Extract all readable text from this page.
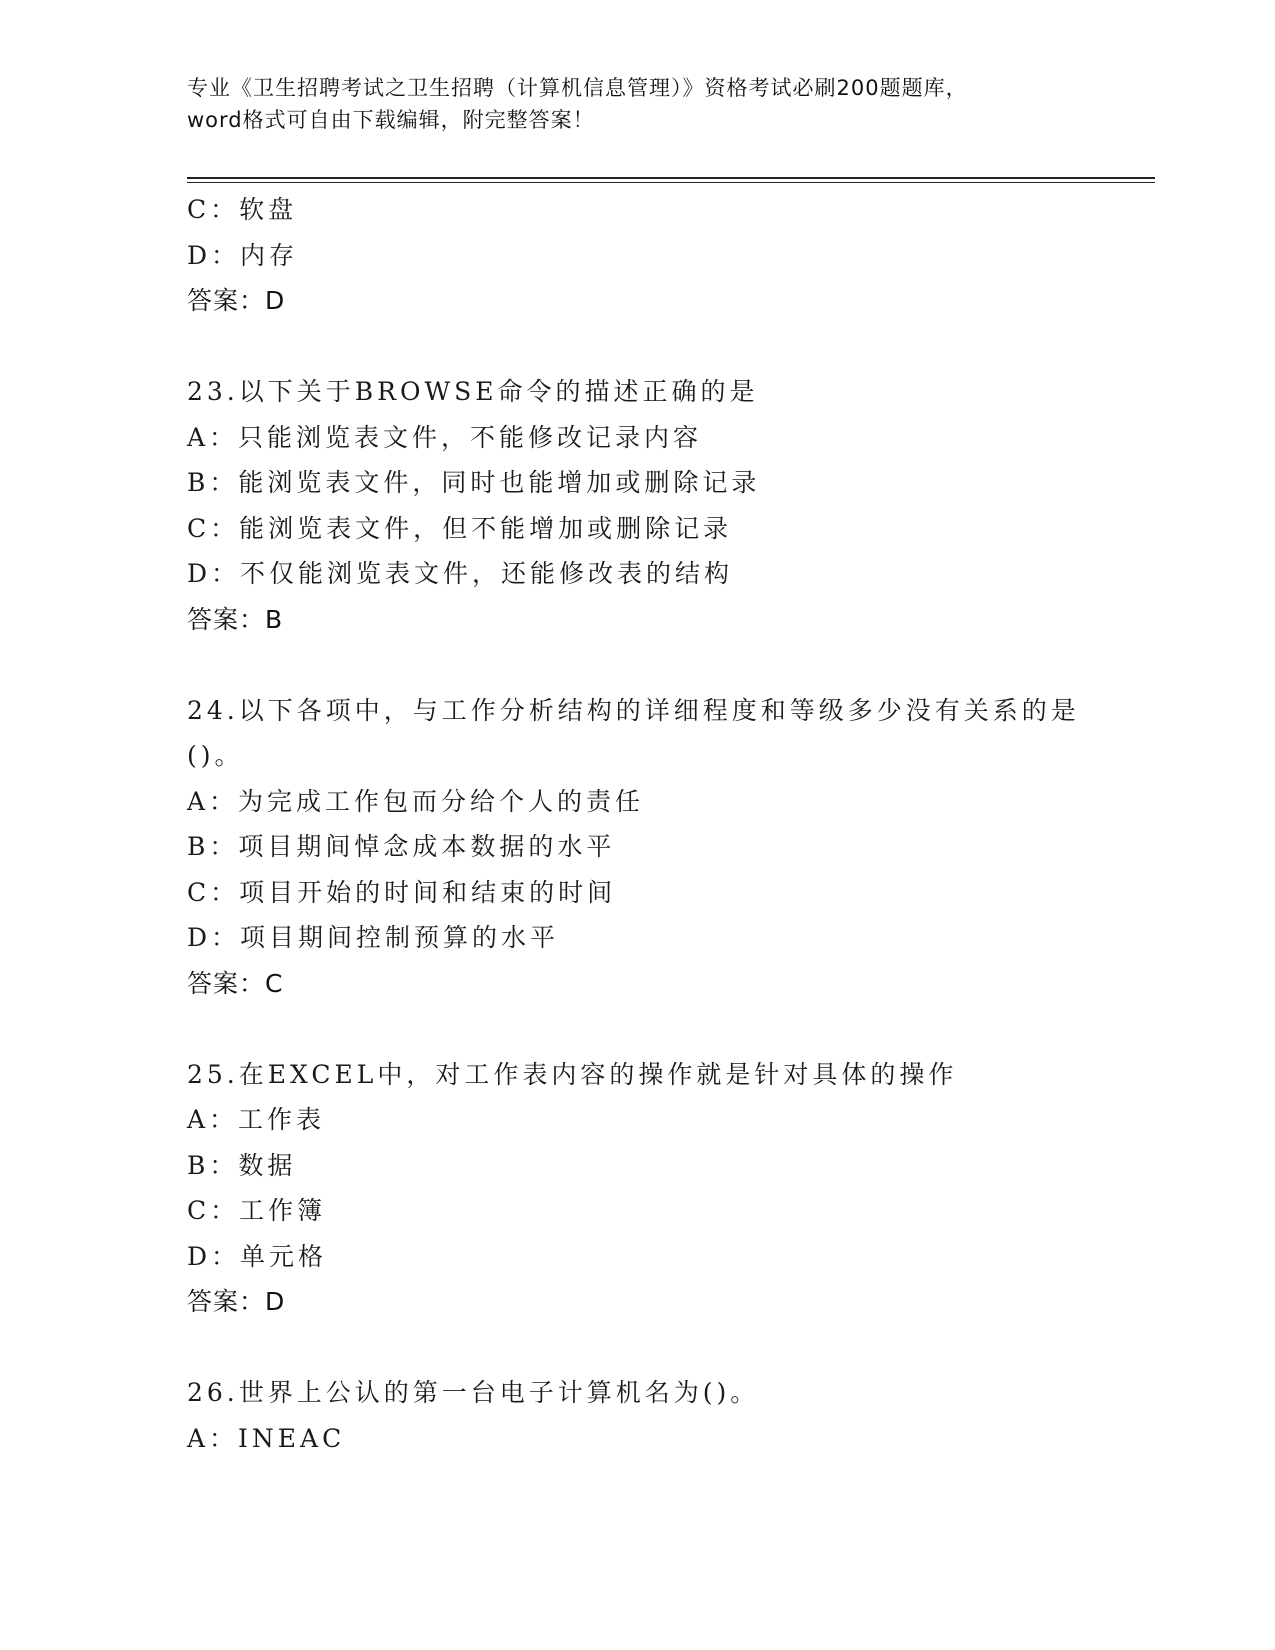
专业《卫生招聘考试之卫生招聘（计算机信息管理）》资格考试必刷200题题库，
word格式可自由下载编辑，附完整答案！
C：软盘
D：内存
答案：D
23.以下关于BROWSE命令的描述正确的是
A：只能浏览表文件，不能修改记录内容
B：能浏览表文件，同时也能增加或删除记录
C：能浏览表文件，但不能增加或删除记录
D：不仅能浏览表文件，还能修改表的结构
答案：B
24.以下各项中，与工作分析结构的详细程度和等级多少没有关系的是
()。
A：为完成工作包而分给个人的责任
B：项目期间悼念成本数据的水平
C：项目开始的时间和结束的时间
D：项目期间控制预算的水平
答案：C
25.在EXCEL中，对工作表内容的操作就是针对具体的操作
A：工作表
B：数据
C：工作簿
D：单元格
答案：D
26.世界上公认的第一台电子计算机名为()。
A：INEAC
